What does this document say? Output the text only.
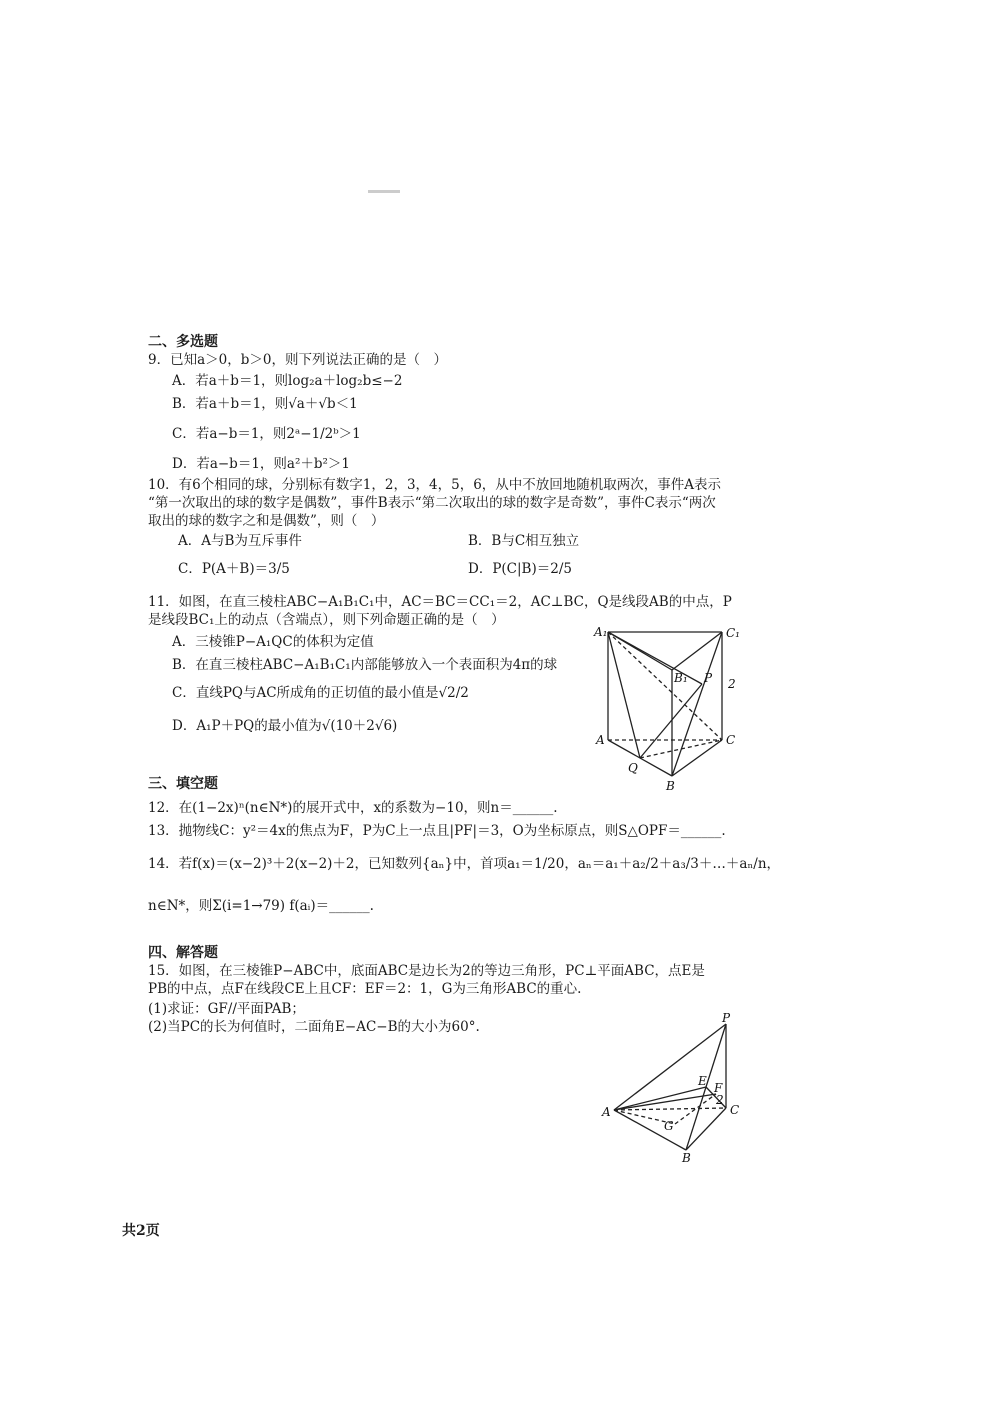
二、多选题
9．已知a＞0，b＞0，则下列说法正确的是（　）
A．若a＋b＝1，则log₂a＋log₂b≤−2
B．若a＋b＝1，则√a＋√b＜1
C．若a−b＝1，则2ᵃ−1/2ᵇ＞1
D．若a−b＝1，则a²＋b²＞1
10．有6个相同的球，分别标有数字1，2，3，4，5，6，从中不放回地随机取两次，事件A表示
“第一次取出的球的数字是偶数”，事件B表示“第二次取出的球的数字是奇数”，事件C表示“两次
取出的球的数字之和是偶数”，则（　）
A．A与B为互斥事件	B．B与C相互独立
C．P(A＋B)＝3/5	D．P(C|B)＝2/5
11．如图，在直三棱柱ABC−A₁B₁C₁中，AC＝BC＝CC₁＝2，AC⊥BC，Q是线段AB的中点，P
是线段BC₁上的动点（含端点），则下列命题正确的是（　）
A．三棱锥P−A₁QC的体积为定值
B．在直三棱柱ABC−A₁B₁C₁内部能够放入一个表面积为4π的球
C．直线PQ与AC所成角的正切值的最小值是√2/2
D．A₁P＋PQ的最小值为√(10＋2√6)
A₁	C₁
B₁ P 2
A	C
Q
B
三、填空题
12．在(1−2x)ⁿ(n∈N*)的展开式中，x的系数为−10，则n＝______.
13．抛物线C：y²＝4x的焦点为F，P为C上一点且|PF|＝3，O为坐标原点，则S△OPF＝______.
14．若f(x)＝(x−2)³＋2(x−2)＋2，已知数列{aₙ}中，首项a₁＝1/20，aₙ＝a₁＋a₂/2＋a₃/3＋…＋aₙ/n，
n∈N*，则Σ(i=1→79) f(aᵢ)＝______.
四、解答题
15．如图，在三棱锥P−ABC中，底面ABC是边长为2的等边三角形，PC⊥平面ABC，点E是
PB的中点，点F在线段CE上且CF：EF＝2：1，G为三角形ABC的重心.
(1)求证：GF//平面PAB；
(2)当PC的长为何值时，二面角E−AC−B的大小为60°.
P
E F
2
A	C
G
B
共2页
